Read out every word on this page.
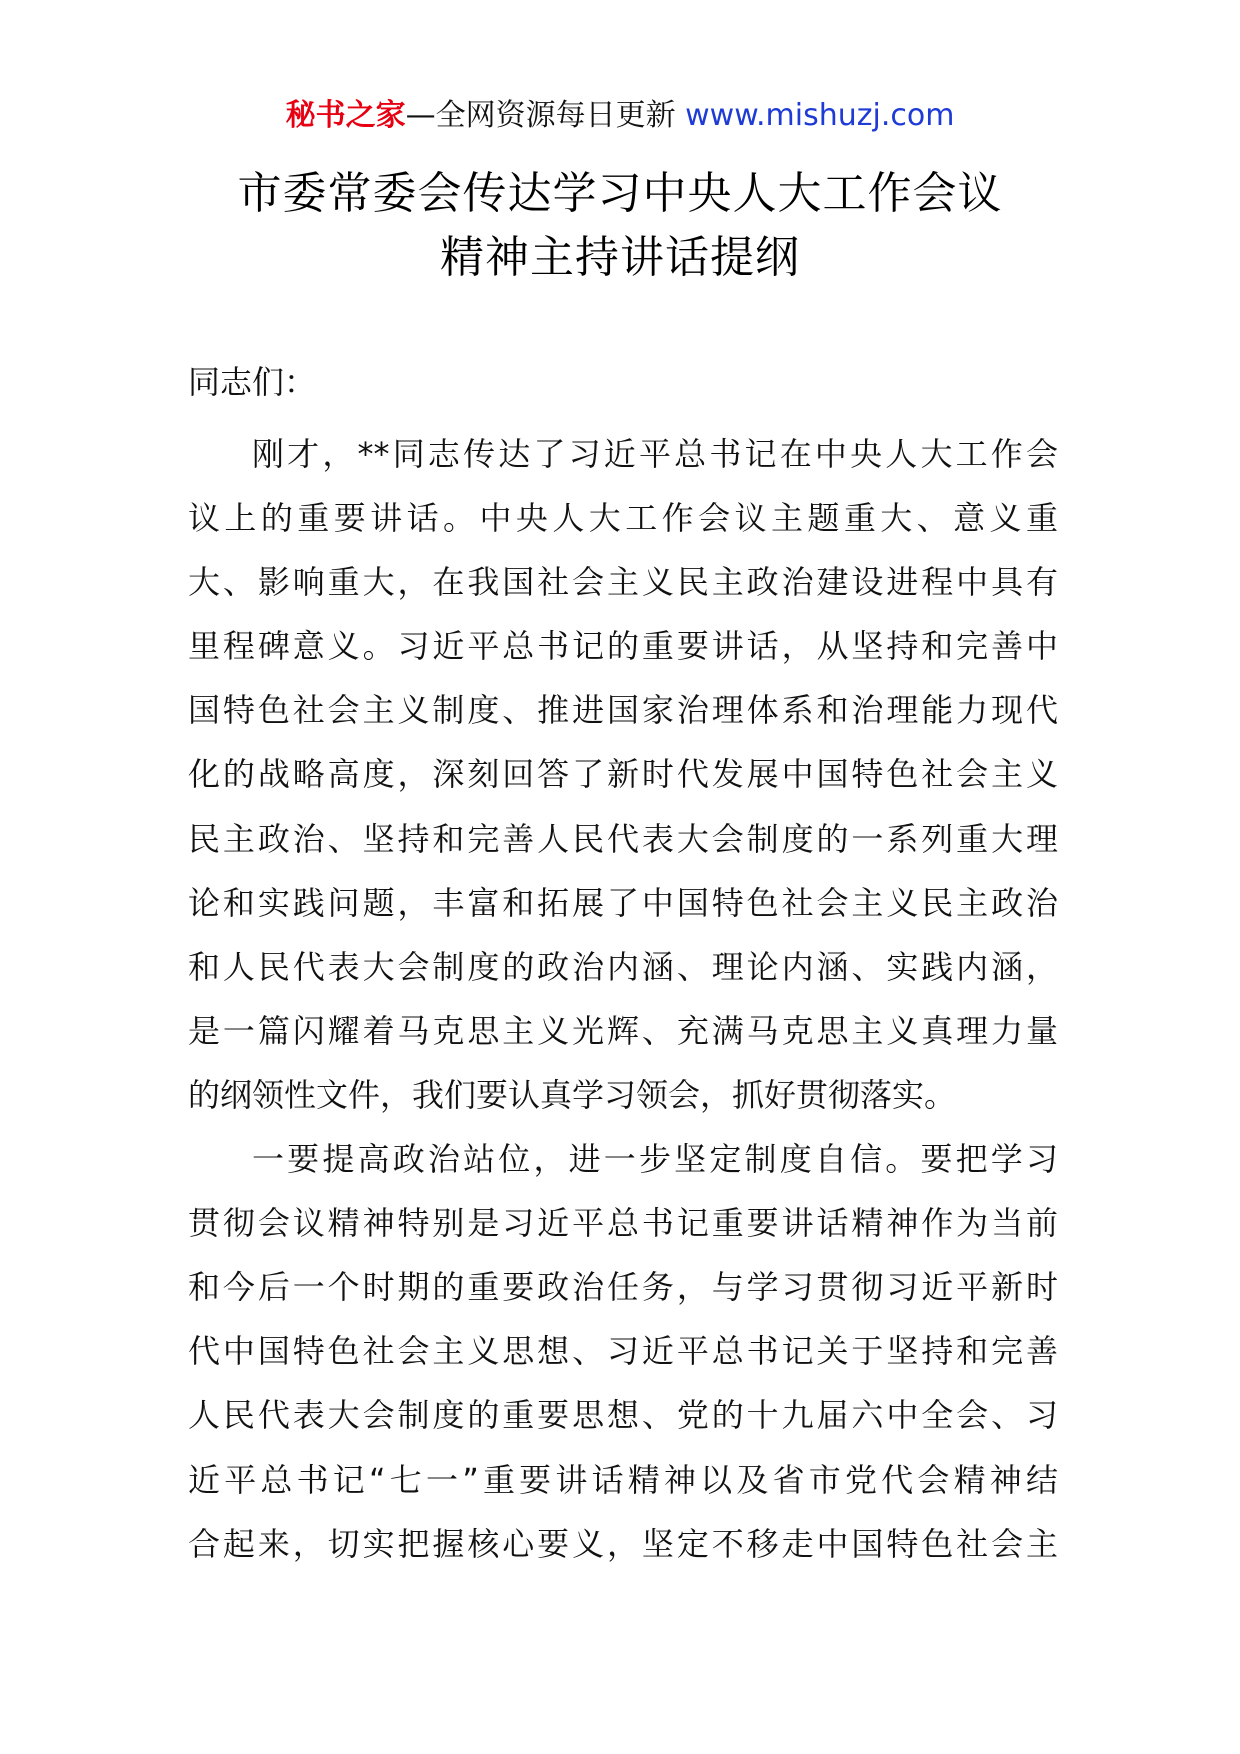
秘书之家—全网资源每日更新 www.mishuzj.com
市委常委会传达学习中央人大工作会议
精神主持讲话提纲
同志们：
刚才，**同志传达了习近平总书记在中央人大工作会
议上的重要讲话。中央人大工作会议主题重大、意义重
大、影响重大，在我国社会主义民主政治建设进程中具有
里程碑意义。习近平总书记的重要讲话，从坚持和完善中
国特色社会主义制度、推进国家治理体系和治理能力现代
化的战略高度，深刻回答了新时代发展中国特色社会主义
民主政治、坚持和完善人民代表大会制度的一系列重大理
论和实践问题，丰富和拓展了中国特色社会主义民主政治
和人民代表大会制度的政治内涵、理论内涵、实践内涵，
是一篇闪耀着马克思主义光辉、充满马克思主义真理力量
的纲领性文件，我们要认真学习领会，抓好贯彻落实。
一要提高政治站位，进一步坚定制度自信。要把学习
贯彻会议精神特别是习近平总书记重要讲话精神作为当前
和今后一个时期的重要政治任务，与学习贯彻习近平新时
代中国特色社会主义思想、习近平总书记关于坚持和完善
人民代表大会制度的重要思想、党的十九届六中全会、习
近平总书记“七一”重要讲话精神以及省市党代会精神结
合起来，切实把握核心要义，坚定不移走中国特色社会主
